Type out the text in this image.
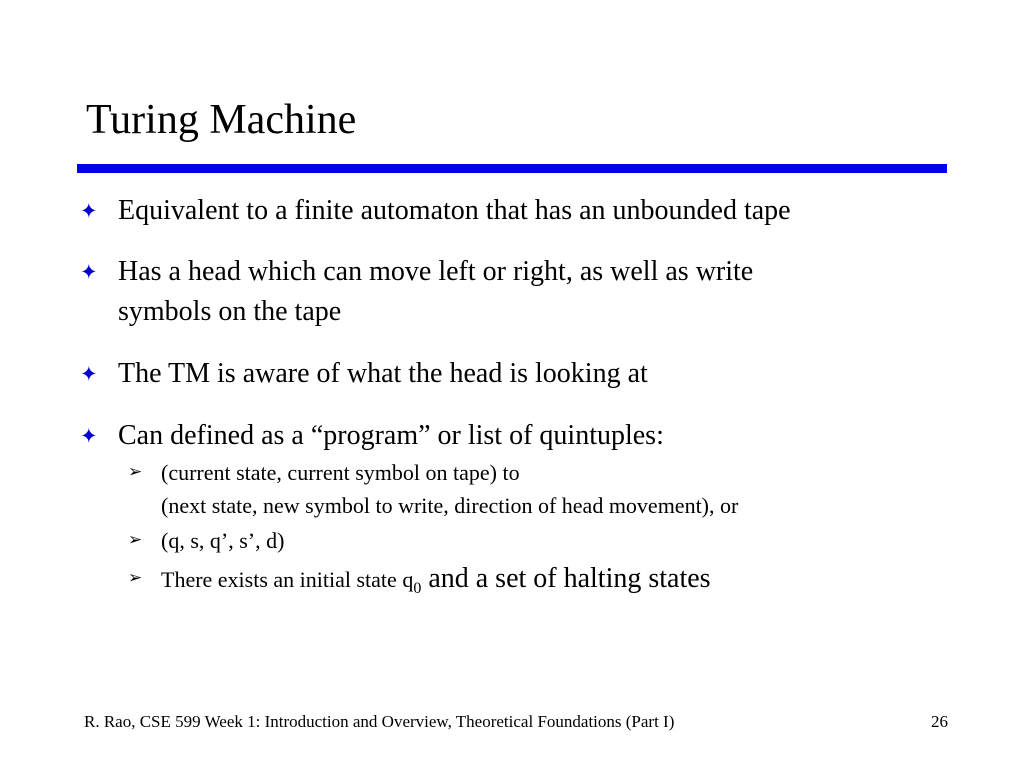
Turing Machine
✦ Equivalent to a finite automaton that has an unbounded tape
✦ Has a head which can move left or right, as well as write
symbols on the tape
✦ The TM is aware of what the head is looking at
✦ Can defined as a “program” or list of quintuples:
➢ (current state, current symbol on tape) to
(next state, new symbol to write, direction of head movement), or
➢ (q, s, q’, s’, d)
➢ There exists an initial state $q_0$ and a set of halting states
R. Rao, CSE 599 Week 1: Introduction and Overview, Theoretical Foundations (Part I)	26
